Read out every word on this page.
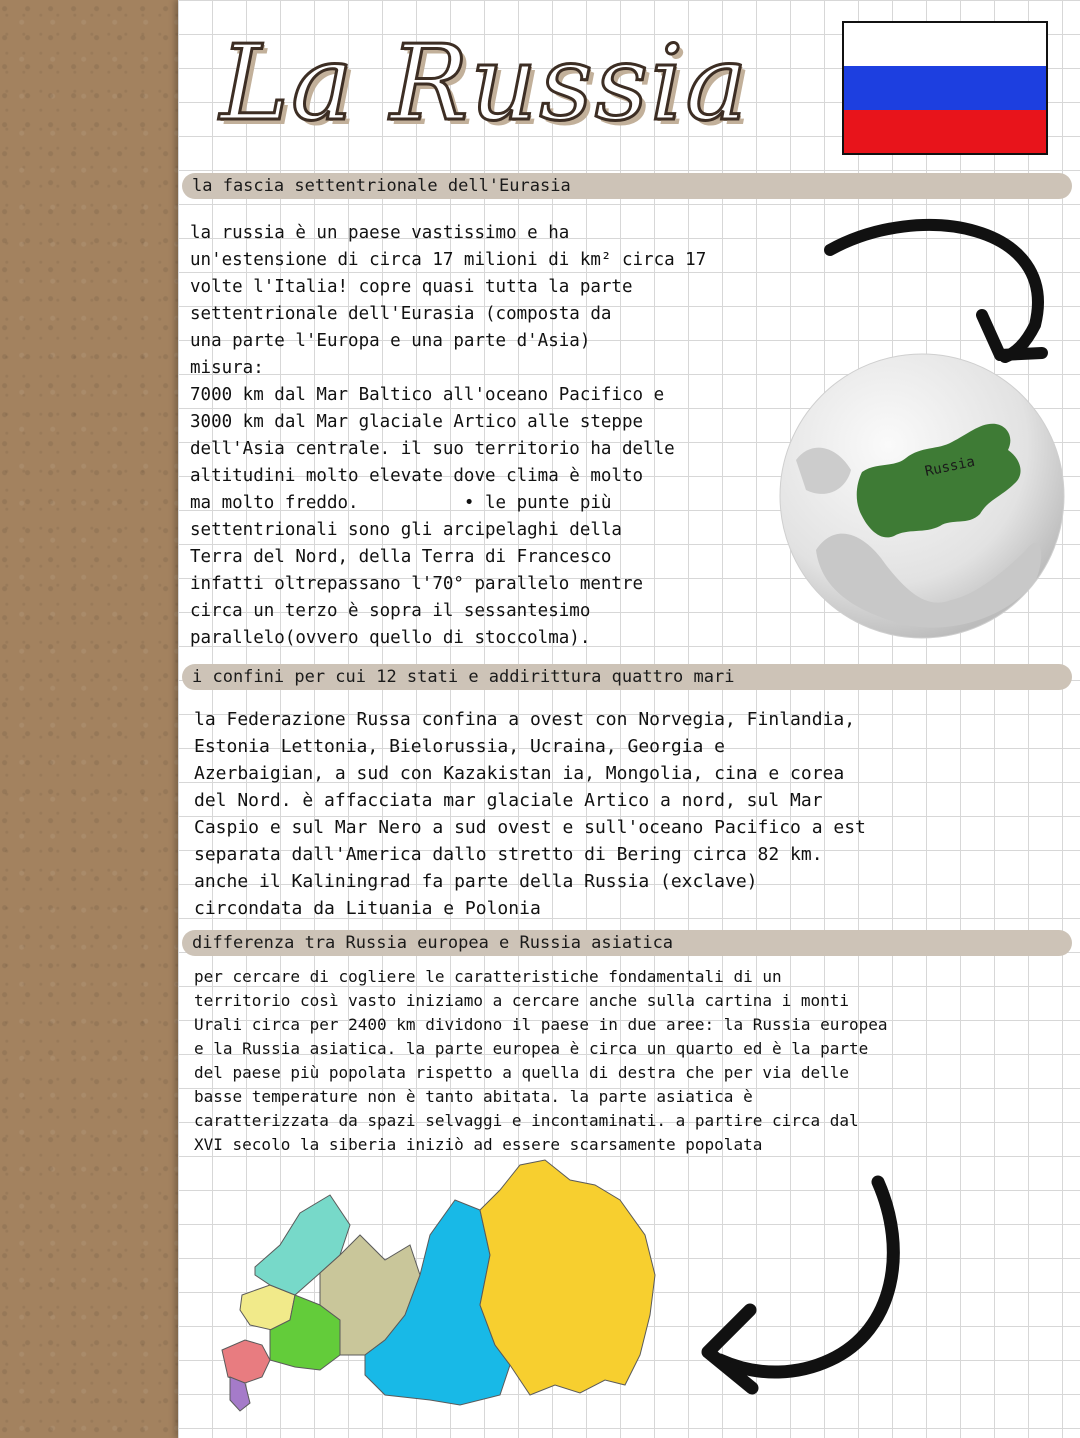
La Russia
la fascia settentrionale dell'Eurasia
la russia è un paese vastissimo e ha
un'estensione di circa 17 milioni di km² circa 17
volte l'Italia! copre quasi tutta la parte
settentrionale dell'Eurasia (composta da
una parte l'Europa e una parte d'Asia)
misura:
7000 km dal Mar Baltico all'oceano Pacifico e
3000 km dal Mar glaciale Artico alle steppe
dell'Asia centrale. il suo territorio ha delle
altitudini molto elevate dove clima è molto
ma molto freddo.          • le punte più
settentrionali sono gli arcipelaghi della
Terra del Nord, della Terra di Francesco
infatti oltrepassano l'70° parallelo mentre
circa un terzo è sopra il sessantesimo
parallelo(ovvero quello di stoccolma).
Russia
i confini per cui 12 stati e addirittura quattro mari
la Federazione Russa confina a ovest con Norvegia, Finlandia,
Estonia Lettonia, Bielorussia, Ucraina, Georgia e
Azerbaigian, a sud con Kazakistan ia, Mongolia, cina e corea
del Nord. è affacciata mar glaciale Artico a nord, sul Mar
Caspio e sul Mar Nero a sud ovest e sull'oceano Pacifico a est
separata dall'America dallo stretto di Bering circa 82 km.
anche il Kaliningrad fa parte della Russia (exclave)
circondata da Lituania e Polonia
differenza tra Russia europea e Russia asiatica
per cercare di cogliere le caratteristiche fondamentali di un
territorio così vasto iniziamo a cercare anche sulla cartina i monti
Urali circa per 2400 km dividono il paese in due aree: la Russia europea
e la Russia asiatica. la parte europea è circa un quarto ed è la parte
del paese più popolata rispetto a quella di destra che per via delle
basse temperature non è tanto abitata. la parte asiatica è
caratterizzata da spazi selvaggi e incontaminati. a partire circa dal
XVI secolo la siberia iniziò ad essere scarsamente popolata
